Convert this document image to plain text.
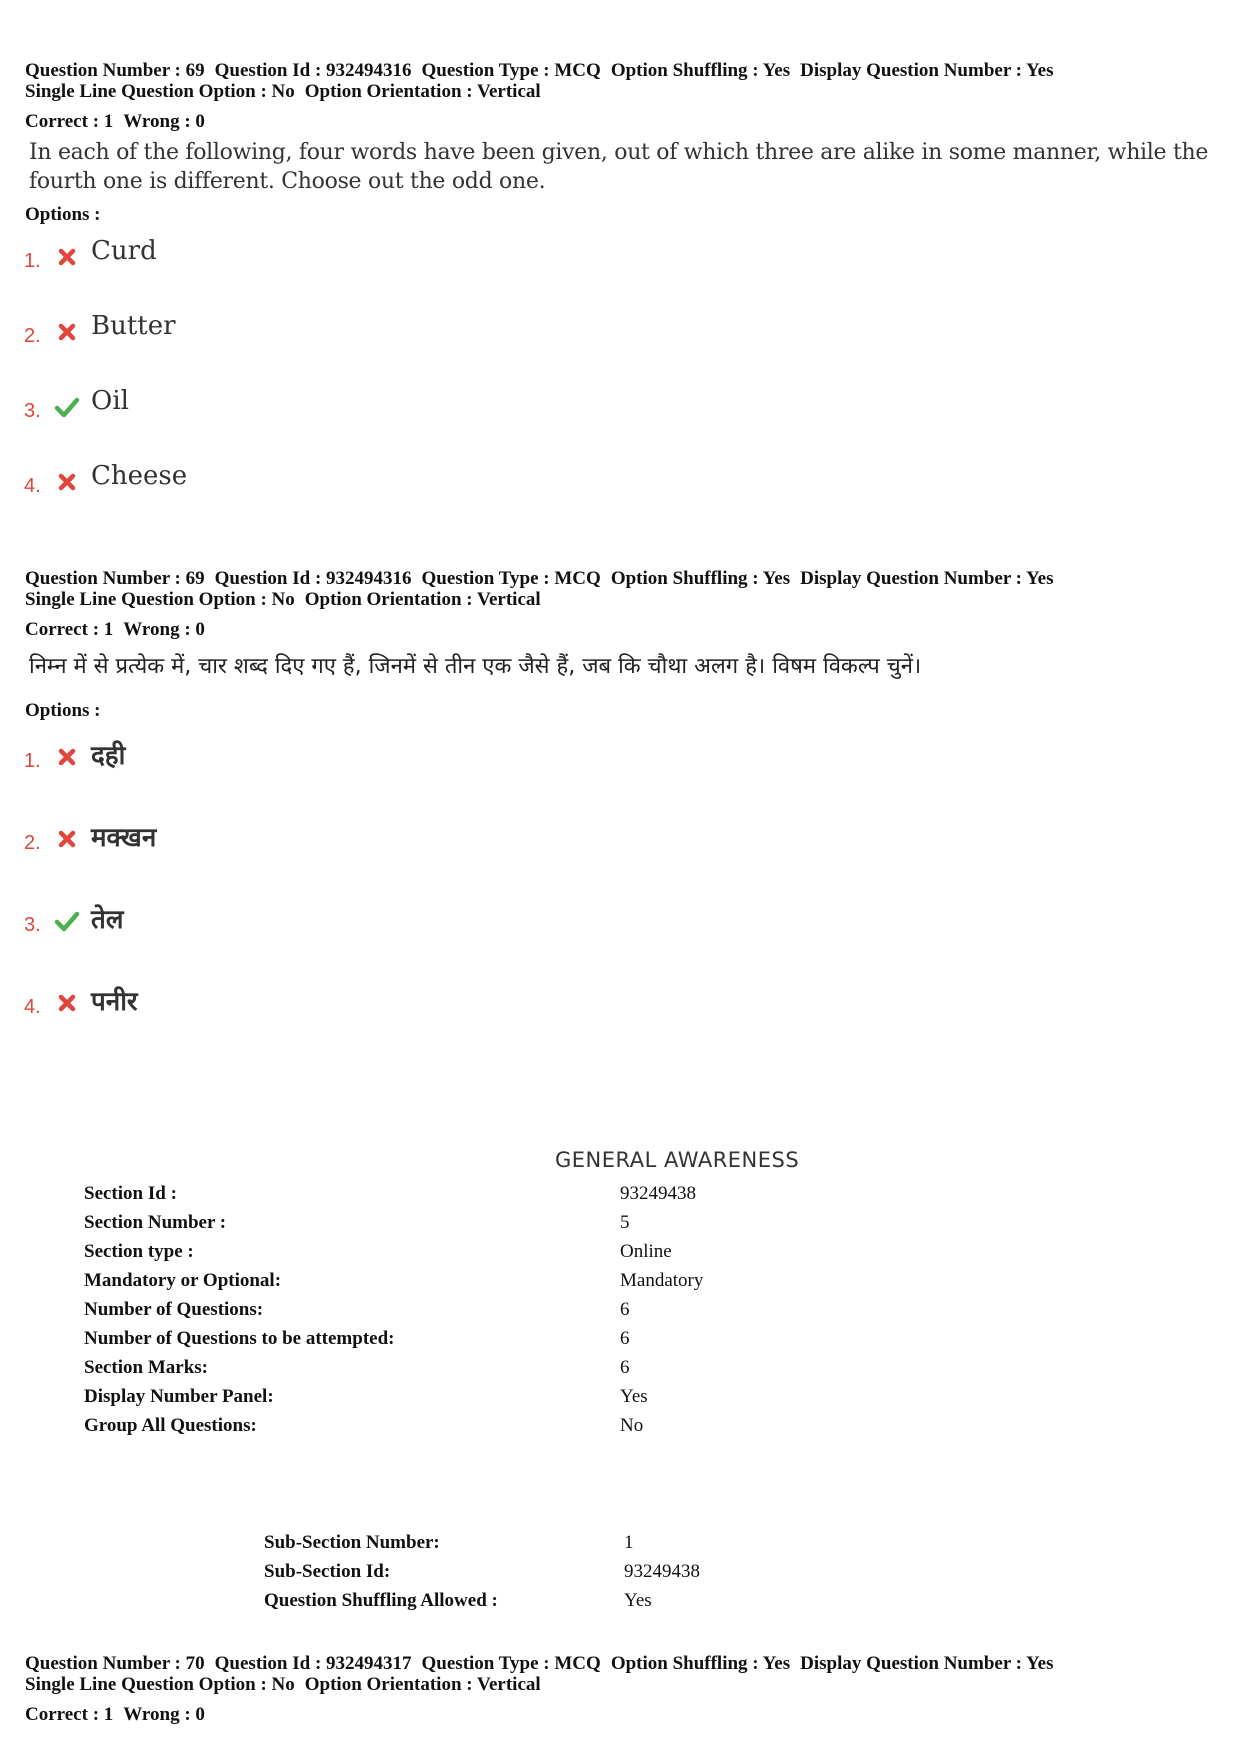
Question Number : 69 Question Id : 932494316 Question Type : MCQ Option Shuffling : Yes Display Question Number : Yes
Single Line Question Option : No Option Orientation : Vertical
Correct : 1 Wrong : 0
In each of the following, four words have been given, out of which three are alike in some manner, while the fourth one is different. Choose out the odd one.
Options :
1. Curd
2. Butter
3. Oil
4. Cheese
Question Number : 69 Question Id : 932494316 Question Type : MCQ Option Shuffling : Yes Display Question Number : Yes
Single Line Question Option : No Option Orientation : Vertical
Correct : 1 Wrong : 0
निम्न में से प्रत्येक में, चार शब्द दिए गए हैं, जिनमें से तीन एक जैसे हैं, जब कि चौथा अलग है। विषम विकल्प चुनें।
Options :
1. दही
2. मक्खन
3. तेल
4. पनीर
GENERAL AWARENESS
Section Id :	93249438
Section Number :	5
Section type :	Online
Mandatory or Optional:	Mandatory
Number of Questions:	6
Number of Questions to be attempted:	6
Section Marks:	6
Display Number Panel:	Yes
Group All Questions:	No
Sub-Section Number:	1
Sub-Section Id:	93249438
Question Shuffling Allowed :	Yes
Question Number : 70 Question Id : 932494317 Question Type : MCQ Option Shuffling : Yes Display Question Number : Yes
Single Line Question Option : No Option Orientation : Vertical
Correct : 1 Wrong : 0
